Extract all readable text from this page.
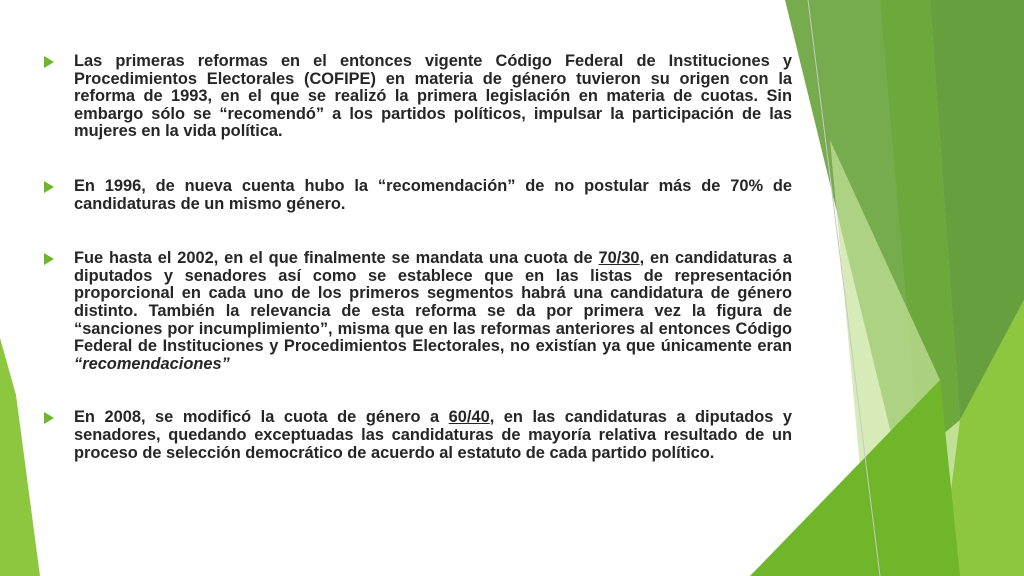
Las primeras reformas en el entonces vigente Código Federal de Instituciones y Procedimientos Electorales (COFIPE) en materia de género tuvieron su origen con la reforma de 1993, en el que se realizó la primera legislación en materia de cuotas. Sin embargo sólo se “recomendó” a los partidos políticos, impulsar la participación de las mujeres en la vida política.

En 1996, de nueva cuenta hubo la “recomendación” de no postular más de 70% de candidaturas de un mismo género.

Fue hasta el 2002, en el que finalmente se mandata una cuota de 70/30, en candidaturas a diputados y senadores así como se establece que en las listas de representación proporcional en cada uno de los primeros segmentos habrá una candidatura de género distinto. También la relevancia de esta reforma se da por primera vez la figura de “sanciones por incumplimiento”, misma que en las reformas anteriores al entonces Código Federal de Instituciones y Procedimientos Electorales, no existían ya que únicamente eran “recomendaciones”

En 2008, se modificó la cuota de género a 60/40, en las candidaturas a diputados y senadores, quedando exceptuadas las candidaturas de mayoría relativa resultado de un proceso de selección democrático de acuerdo al estatuto de cada partido político.
